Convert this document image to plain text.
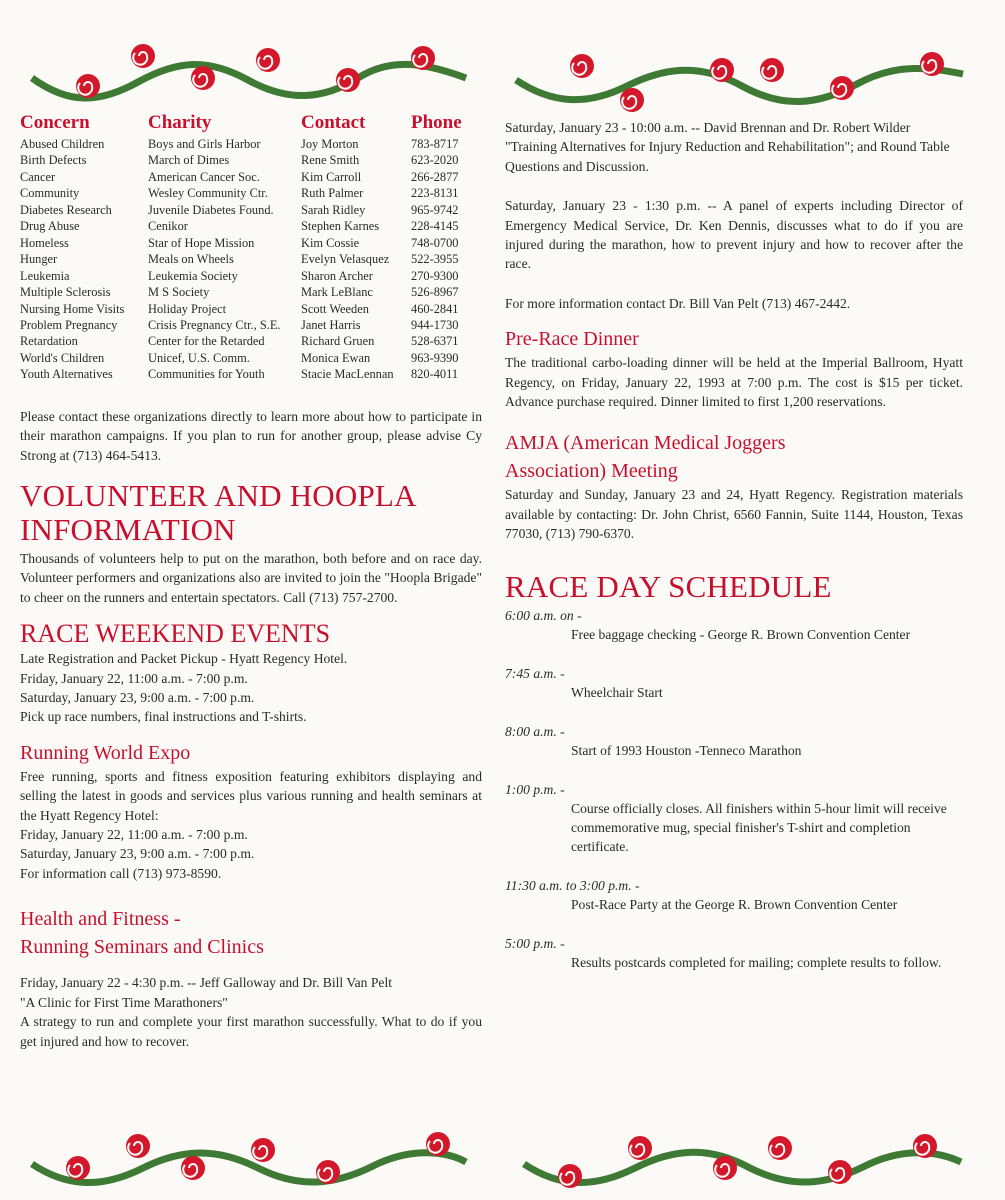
Concern	Charity	Contact	Phone
Abused Children	Boys and Girls Harbor	Joy Morton	783-8717
Birth Defects	March of Dimes	Rene Smith	623-2020
Cancer	American Cancer Soc.	Kim Carroll	266-2877
Community	Wesley Community Ctr.	Ruth Palmer	223-8131
Diabetes Research	Juvenile Diabetes Found.	Sarah Ridley	965-9742
Drug Abuse	Cenikor	Stephen Karnes	228-4145
Homeless	Star of Hope Mission	Kim Cossie	748-0700
Hunger	Meals on Wheels	Evelyn Velasquez	522-3955
Leukemia	Leukemia Society	Sharon Archer	270-9300
Multiple Sclerosis	M S Society	Mark LeBlanc	526-8967
Nursing Home Visits	Holiday Project	Scott Weeden	460-2841
Problem Pregnancy	Crisis Pregnancy Ctr., S.E.	Janet Harris	944-1730
Retardation	Center for the Retarded	Richard Gruen	528-6371
World's Children	Unicef, U.S. Comm.	Monica Ewan	963-9390
Youth Alternatives	Communities for Youth	Stacie MacLennan	820-4011

Please contact these organizations directly to learn more about how to participate in their marathon campaigns. If you plan to run for another group, please advise Cy Strong at (713) 464-5413.

VOLUNTEER AND HOOPLA INFORMATION

Thousands of volunteers help to put on the marathon, both before and on race day. Volunteer performers and organizations also are invited to join the "Hoopla Brigade" to cheer on the runners and entertain spectators. Call (713) 757-2700.

RACE WEEKEND EVENTS

Late Registration and Packet Pickup - Hyatt Regency Hotel.

Friday, January 22, 11:00 a.m. - 7:00 p.m.

Saturday, January 23, 9:00 a.m. - 7:00 p.m.

Pick up race numbers, final instructions and T-shirts.

Running World Expo

Free running, sports and fitness exposition featuring exhibitors displaying and selling the latest in goods and services plus various running and health seminars at the Hyatt Regency Hotel:

Friday, January 22, 11:00 a.m. - 7:00 p.m.

Saturday, January 23, 9:00 a.m. - 7:00 p.m.

For information call (713) 973-8590.

Health and Fitness -
Running Seminars and Clinics

Friday, January 22 - 4:30 p.m. -- Jeff Galloway and Dr. Bill Van Pelt

"A Clinic for First Time Marathoners"

A strategy to run and complete your first marathon successfully. What to do if you get injured and how to recover.

Saturday, January 23 - 10:00 a.m. -- David Brennan and Dr. Robert Wilder

"Training Alternatives for Injury Reduction and Rehabilitation"; and Round Table Questions and Discussion.

Saturday, January 23 - 1:30 p.m. -- A panel of experts including Director of Emergency Medical Service, Dr. Ken Dennis, discusses what to do if you are injured during the marathon, how to prevent injury and how to recover after the race.

For more information contact Dr. Bill Van Pelt (713) 467-2442.

Pre-Race Dinner

The traditional carbo-loading dinner will be held at the Imperial Ballroom, Hyatt Regency, on Friday, January 22, 1993 at 7:00 p.m. The cost is $15 per ticket. Advance purchase required. Dinner limited to first 1,200 reservations.

AMJA (American Medical Joggers
Association) Meeting

Saturday and Sunday, January 23 and 24, Hyatt Regency. Registration materials available by contacting: Dr. John Christ, 6560 Fannin, Suite 1144, Houston, Texas 77030, (713) 790-6370.

RACE DAY SCHEDULE
6:00 a.m. on -
Free baggage checking - George R. Brown Convention Center
7:45 a.m. -
Wheelchair Start
8:00 a.m. -
Start of 1993 Houston -Tenneco Marathon
1:00 p.m. -
Course officially closes. All finishers within 5-hour limit will receive commemorative mug, special finisher's T-shirt and completion certificate.
11:30 a.m. to 3:00 p.m. -
Post-Race Party at the George R. Brown Convention Center
5:00 p.m. -
Results postcards completed for mailing; complete results to follow.
